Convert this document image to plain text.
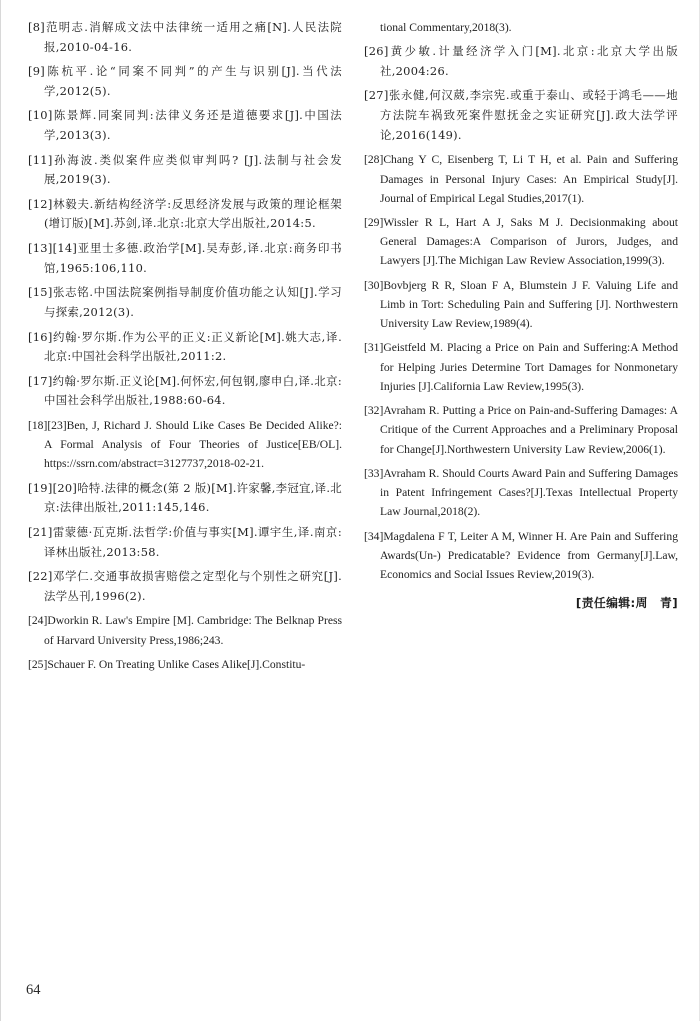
[8]范明志.消解成文法中法律统一适用之痛[N].人民法院报,2010-04-16.
[9]陈杭平.论“同案不同判”的产生与识别[J].当代法学,2012(5).
[10]陈景辉.同案同判:法律义务还是道德要求[J].中国法学,2013(3).
[11]孙海波.类似案件应类似审判吗? [J].法制与社会发展,2019(3).
[12]林毅夫.新结构经济学:反思经济发展与政策的理论框架(增订版)[M].苏剑,译.北京:北京大学出版社,2014:5.
[13][14]亚里士多德.政治学[M].吴寿彭,译.北京:商务印书馆,1965:106,110.
[15]张志铭.中国法院案例指导制度价值功能之认知[J].学习与探索,2012(3).
[16]约翰·罗尔斯.作为公平的正义:正义新论[M].姚大志,译.北京:中国社会科学出版社,2011:2.
[17]约翰·罗尔斯.正义论[M].何怀宏,何包钢,廖申白,译.北京:中国社会科学出版社,1988:60-64.
[18][23]Ben, J, Richard J. Should Like Cases Be Decided Alike?: A Formal Analysis of Four Theories of Justice[EB/OL]. https://ssrn.com/abstract=3127737,2018-02-21.
[19][20]哈特.法律的概念(第 2 版)[M].许家馨,李冠宜,译.北京:法律出版社,2011:145,146.
[21]雷蒙德·瓦克斯.法哲学:价值与事实[M].谭宇生,译.南京:译林出版社,2013:58.
[22]邓学仁.交通事故损害赔偿之定型化与个别性之研究[J].法学丛刊,1996(2).
[24]Dworkin R. Law's Empire [M]. Cambridge: The Belknap Press of Harvard University Press,1986;243.
[25]Schauer F. On Treating Unlike Cases Alike[J].Constitu-
tional Commentary,2018(3).
[26]黄少敏.计量经济学入门[M].北京:北京大学出版社,2004:26.
[27]张永健,何汉葳,李宗宪.或重于泰山、或轻于鸿毛——地方法院车祸致死案件慰抚金之实证研究[J].政大法学评论,2016(149).
[28]Chang Y C, Eisenberg T, Li T H, et al. Pain and Suffering Damages in Personal Injury Cases: An Empirical Study[J]. Journal of Empirical Legal Studies,2017(1).
[29]Wissler R L, Hart A J, Saks M J. Decisionmaking about General Damages:A Comparison of Jurors, Judges, and Lawyers [J].The Michigan Law Review Association,1999(3).
[30]Bovbjerg R R, Sloan F A, Blumstein J F. Valuing Life and Limb in Tort: Scheduling Pain and Suffering [J]. Northwestern University Law Review,1989(4).
[31]Geistfeld M. Placing a Price on Pain and Suffering:A Method for Helping Juries Determine Tort Damages for Nonmonetary Injuries [J].California Law Review,1995(3).
[32]Avraham R. Putting a Price on Pain-and-Suffering Damages: A Critique of the Current Approaches and a Preliminary Proposal for Change[J].Northwestern University Law Review,2006(1).
[33]Avraham R. Should Courts Award Pain and Suffering Damages in Patent Infringement Cases?[J].Texas Intellectual Property Law Journal,2018(2).
[34]Magdalena F T, Leiter A M, Winner H. Are Pain and Suffering Awards(Un-) Predicatable? Evidence from Germany[J].Law, Economics and Social Issues Review,2019(3).
[责任编辑:周　青]
64
